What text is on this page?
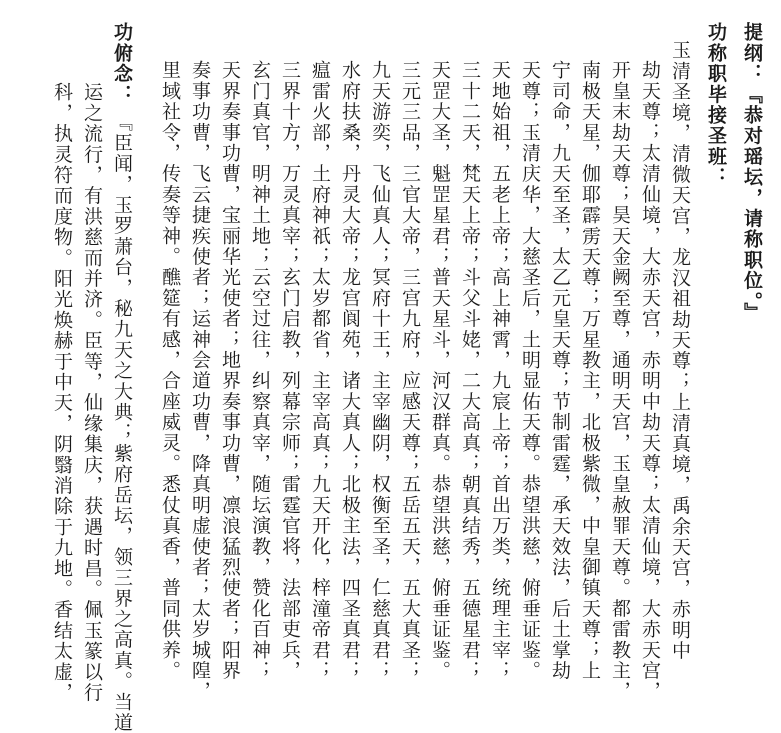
提纲：『恭对瑶坛，请称职位。』
功称职毕接圣班：
玉清圣境，清微天宫，龙汉祖劫天尊；上清真境，禹余天宫，赤明中
劫天尊；太清仙境，大赤天宫，赤明中劫天尊；太清仙境，大赤天宫，
开皇末劫天尊；昊天金阙至尊，通明天宫，玉皇赦罪天尊。都雷教主，
南极天星，伽耶霹雳天尊；万星教主，北极紫微，中皇御镇天尊；上
宁司命，九天至圣，太乙元皇天尊；节制雷霆，承天效法，后土掌劫
天尊；玉清庆华，大慈圣后，土明显佑天尊。恭望洪慈，俯垂证鉴。
天地始祖，五老上帝；高上神霄，九宸上帝；首出万类，统理主宰；
三十二天，梵天上帝；斗父斗姥，二大高真；朝真结秀，五德星君；
天罡大圣，魁罡星君；普天星斗，河汉群真。恭望洪慈，俯垂证鉴。
三元三品，三官大帝，三宫九府，应感天尊；五岳五天，五大真圣；
九天游奕，飞仙真人；冥府十王，主宰幽阴，权衡至圣，仁慈真君；
水府扶桑，丹灵大帝；龙宫阆苑，诸大真人；北极主法，四圣真君；
瘟雷火部，土府神祇；太岁都省，主宰高真；九天开化，梓潼帝君；
三界十方，万灵真宰；玄门启教，列幕宗师；雷霆官将，法部吏兵，
玄门真官，明神土地；云空过往，纠察真宰，随坛演教，赞化百神；
天界奏事功曹，宝丽华光使者；地界奏事功曹，凛浪猛烈使者；阳界
奏事功曹，飞云捷疾使者；运神会道功曹，降真明虚使者；太岁城隍，
里域社令，传奏等神。醮筵有感，合座威灵。悉仗真香，普同供养。
功俯念：
『臣闻，玉罗萧台，秘九天之大典；紫府岳坛，领三界之高真。当道
运之流行，有洪慈而并济。臣等，仙缘集庆，获遇时昌。佩玉篆以行
科，执灵符而度物。阳光焕赫于中天，阴翳消除于九地。香结太虚，
